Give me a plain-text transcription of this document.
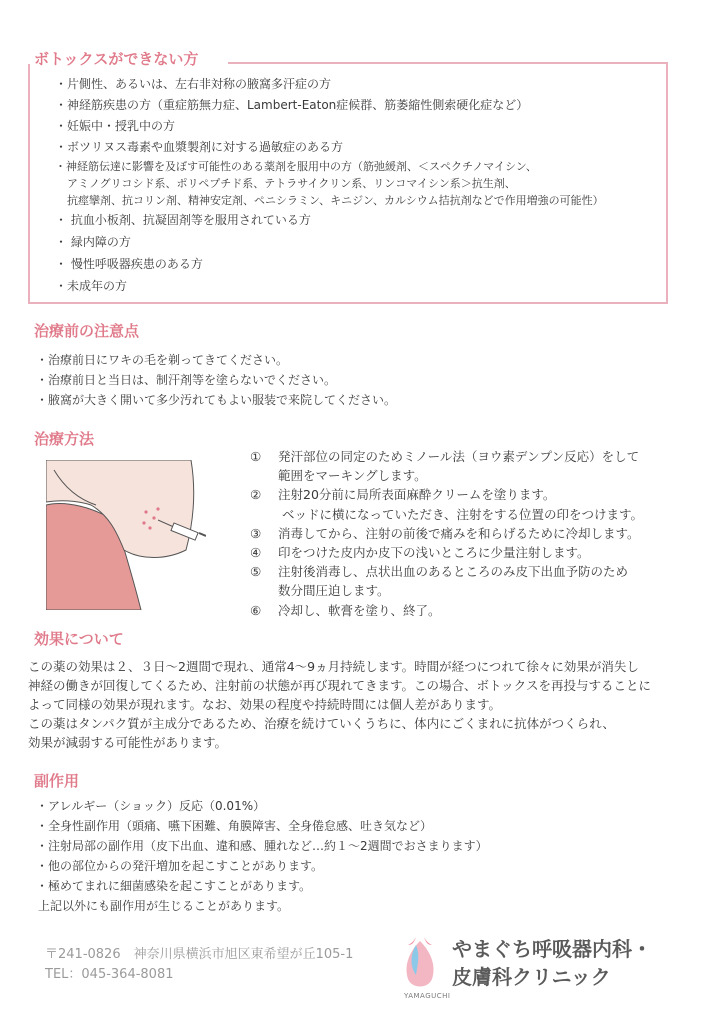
ボトックスができない方
・片側性、あるいは、左右非対称の腋窩多汗症の方
・神経筋疾患の方（重症筋無力症、Lambert-Eaton症候群、筋萎縮性側索硬化症など）
・妊娠中・授乳中の方
・ボツリヌス毒素や血漿製剤に対する過敏症のある方
・神経筋伝達に影響を及ぼす可能性のある薬剤を服用中の方（筋弛緩剤、＜スペクチノマイシン、
アミノグリコシド系、ポリペプチド系、テトラサイクリン系、リンコマイシン系＞抗生剤、
抗痙攣剤、抗コリン剤、精神安定剤、ペニシラミン、キニジン、カルシウム拮抗剤などで作用増強の可能性）
・ 抗血小板剤、抗凝固剤等を服用されている方
・ 緑内障の方
・ 慢性呼吸器疾患のある方
・未成年の方
治療前の注意点
・治療前日にワキの毛を剃ってきてください。
・治療前日と当日は、制汗剤等を塗らないでください。
・腋窩が大きく開いて多少汚れてもよい服装で来院してください。
治療方法
①	発汗部位の同定のためミノール法（ヨウ素デンプン反応）をして
範囲をマーキングします。
②	注射20分前に局所表面麻酔クリームを塗ります。
ベッドに横になっていただき、注射をする位置の印をつけます。
③	消毒してから、注射の前後で痛みを和らげるために冷却します。
④	印をつけた皮内か皮下の浅いところに少量注射します。
⑤	注射後消毒し、点状出血のあるところのみ皮下出血予防のため
数分間圧迫します。
⑥	冷却し、軟膏を塗り、終了。
効果について

この薬の効果は２、３日〜2週間で現れ、通常4〜9ヵ月持続します。時間が経つにつれて徐々に効果が消失し

神経の働きが回復してくるため、注射前の状態が再び現れてきます。この場合、ボトックスを再投与することに

よって同様の効果が現れます。なお、効果の程度や持続時間には個人差があります。

この薬はタンパク質が主成分であるため、治療を続けていくうちに、体内にごくまれに抗体がつくられ、

効果が減弱する可能性があります。

副作用
・アレルギー（ショック）反応（0.01%）
・全身性副作用（頭痛、嚥下困難、角膜障害、全身倦怠感、吐き気など）
・注射局部の副作用（皮下出血、違和感、腫れなど…約１〜2週間でおさまります）
・他の部位からの発汗増加を起こすことがあります。
・極めてまれに細菌感染を起こすことがあります。
上記以外にも副作用が生じることがあります。
〒241-0826　神奈川県横浜市旭区東希望が丘105-1
TEL：045-364-8081
YAMAGUCHI
やまぐち呼吸器内科・
皮膚科クリニック
